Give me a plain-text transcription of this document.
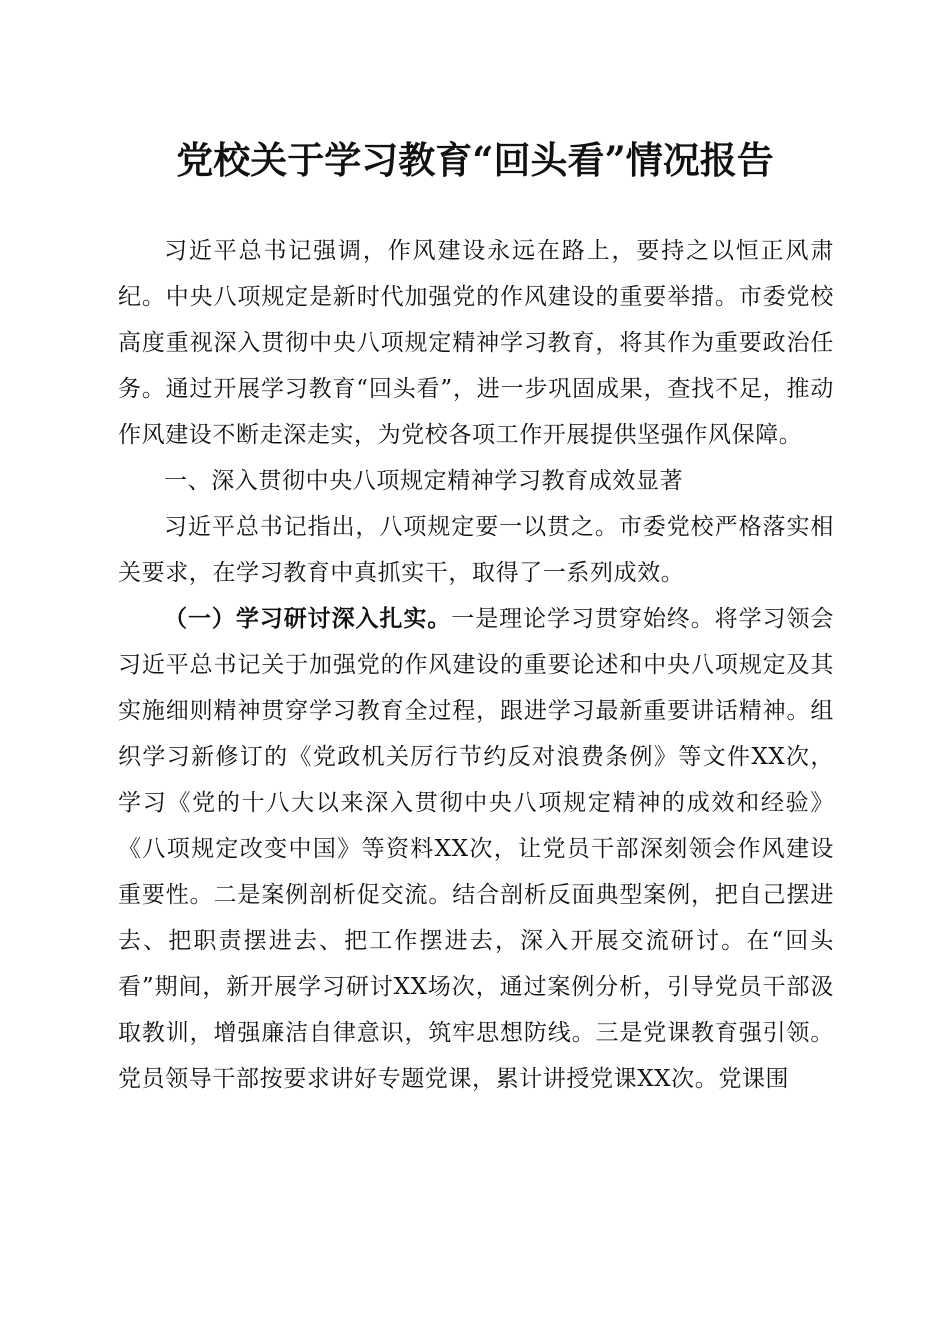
党校关于学习教育“回头看”情况报告

习近平总书记强调，作风建设永远在路上，要持之以恒正风肃纪。中央八项规定是新时代加强党的作风建设的重要举措。市委党校高度重视深入贯彻中央八项规定精神学习教育，将其作为重要政治任务。通过开展学习教育“回头看”，进一步巩固成果，查找不足，推动作风建设不断走深走实，为党校各项工作开展提供坚强作风保障。

一、深入贯彻中央八项规定精神学习教育成效显著

习近平总书记指出，八项规定要一以贯之。市委党校严格落实相关要求，在学习教育中真抓实干，取得了一系列成效。

（一）学习研讨深入扎实。一是理论学习贯穿始终。将学习领会习近平总书记关于加强党的作风建设的重要论述和中央八项规定及其实施细则精神贯穿学习教育全过程，跟进学习最新重要讲话精神。组织学习新修订的《党政机关厉行节约反对浪费条例》等文件XX次，学习《党的十八大以来深入贯彻中央八项规定精神的成效和经验》《八项规定改变中国》等资料XX次，让党员干部深刻领会作风建设重要性。二是案例剖析促交流。结合剖析反面典型案例，把自己摆进去、把职责摆进去、把工作摆进去，深入开展交流研讨。在“回头看”期间，新开展学习研讨XX场次，通过案例分析，引导党员干部汲取教训，增强廉洁自律意识，筑牢思想防线。三是党课教育强引领。党员领导干部按要求讲好专题党课，累计讲授党课XX次。党课围
